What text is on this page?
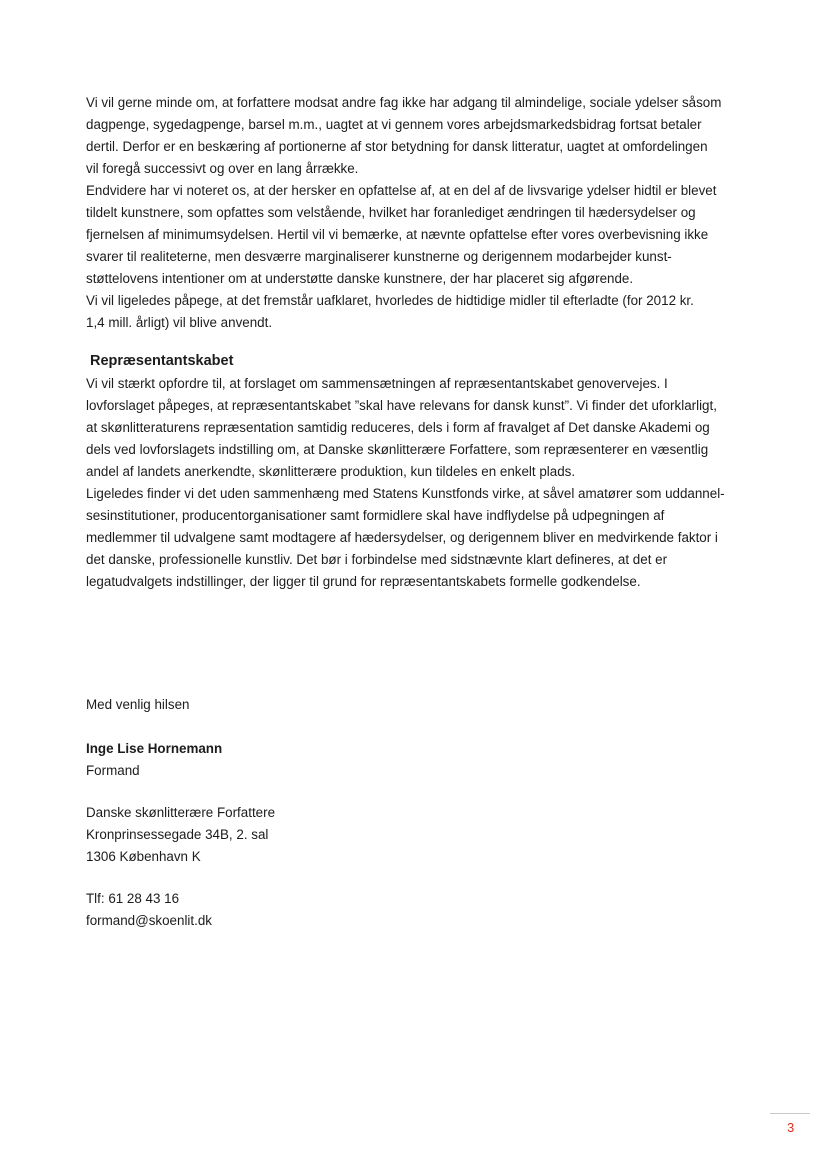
Vi vil gerne minde om, at forfattere modsat andre fag ikke har adgang til almindelige, sociale ydelser såsom
dagpenge, sygedagpenge, barsel m.m., uagtet at vi gennem vores arbejdsmarkedsbidrag fortsat betaler
dertil. Derfor er en beskæring af portionerne af stor betydning for dansk litteratur, uagtet at omfordelingen
vil foregå successivt og over en lang årrække.

Endvidere har vi noteret os, at der hersker en opfattelse af, at en del af de livsvarige ydelser hidtil er blevet
tildelt kunstnere, som opfattes som velstående, hvilket har foranlediget ændringen til hædersydelser og
fjernelsen af minimumsydelsen. Hertil vil vi bemærke, at nævnte opfattelse efter vores overbevisning ikke
svarer til realiteterne, men desværre marginaliserer kunstnerne og derigennem modarbejder kunst-
støttelovens intentioner om at understøtte danske kunstnere, der har placeret sig afgørende.

Vi vil ligeledes påpege, at det fremstår uafklaret, hvorledes de hidtidige midler til efterladte (for 2012 kr.
1,4 mill. årligt) vil blive anvendt.

Repræsentantskabet

Vi vil stærkt opfordre til, at forslaget om sammensætningen af repræsentantskabet genovervejes. I
lovforslaget påpeges, at repræsentantskabet ”skal have relevans for dansk kunst”. Vi finder det uforklarligt,
at skønlitteraturens repræsentation samtidig reduceres, dels i form af fravalget af Det danske Akademi og
dels ved lovforslagets indstilling om, at Danske skønlitterære Forfattere, som repræsenterer en væsentlig
andel af landets anerkendte, skønlitterære produktion, kun tildeles en enkelt plads.

Ligeledes finder vi det uden sammenhæng med Statens Kunstfonds virke, at såvel amatører som uddannel-
sesinstitutioner, producentorganisationer samt formidlere skal have indflydelse på udpegningen af
medlemmer til udvalgene samt modtagere af hædersydelser, og derigennem bliver en medvirkende faktor i
det danske, professionelle kunstliv. Det bør i forbindelse med sidstnævnte klart defineres, at det er
legatudvalgets indstillinger, der ligger til grund for repræsentantskabets formelle godkendelse.

Med venlig hilsen
Inge Lise Hornemann
Formand
Danske skønlitterære Forfattere
Kronprinsessegade 34B, 2. sal
1306 København K
Tlf: 61 28 43 16
formand@skoenlit.dk
3
